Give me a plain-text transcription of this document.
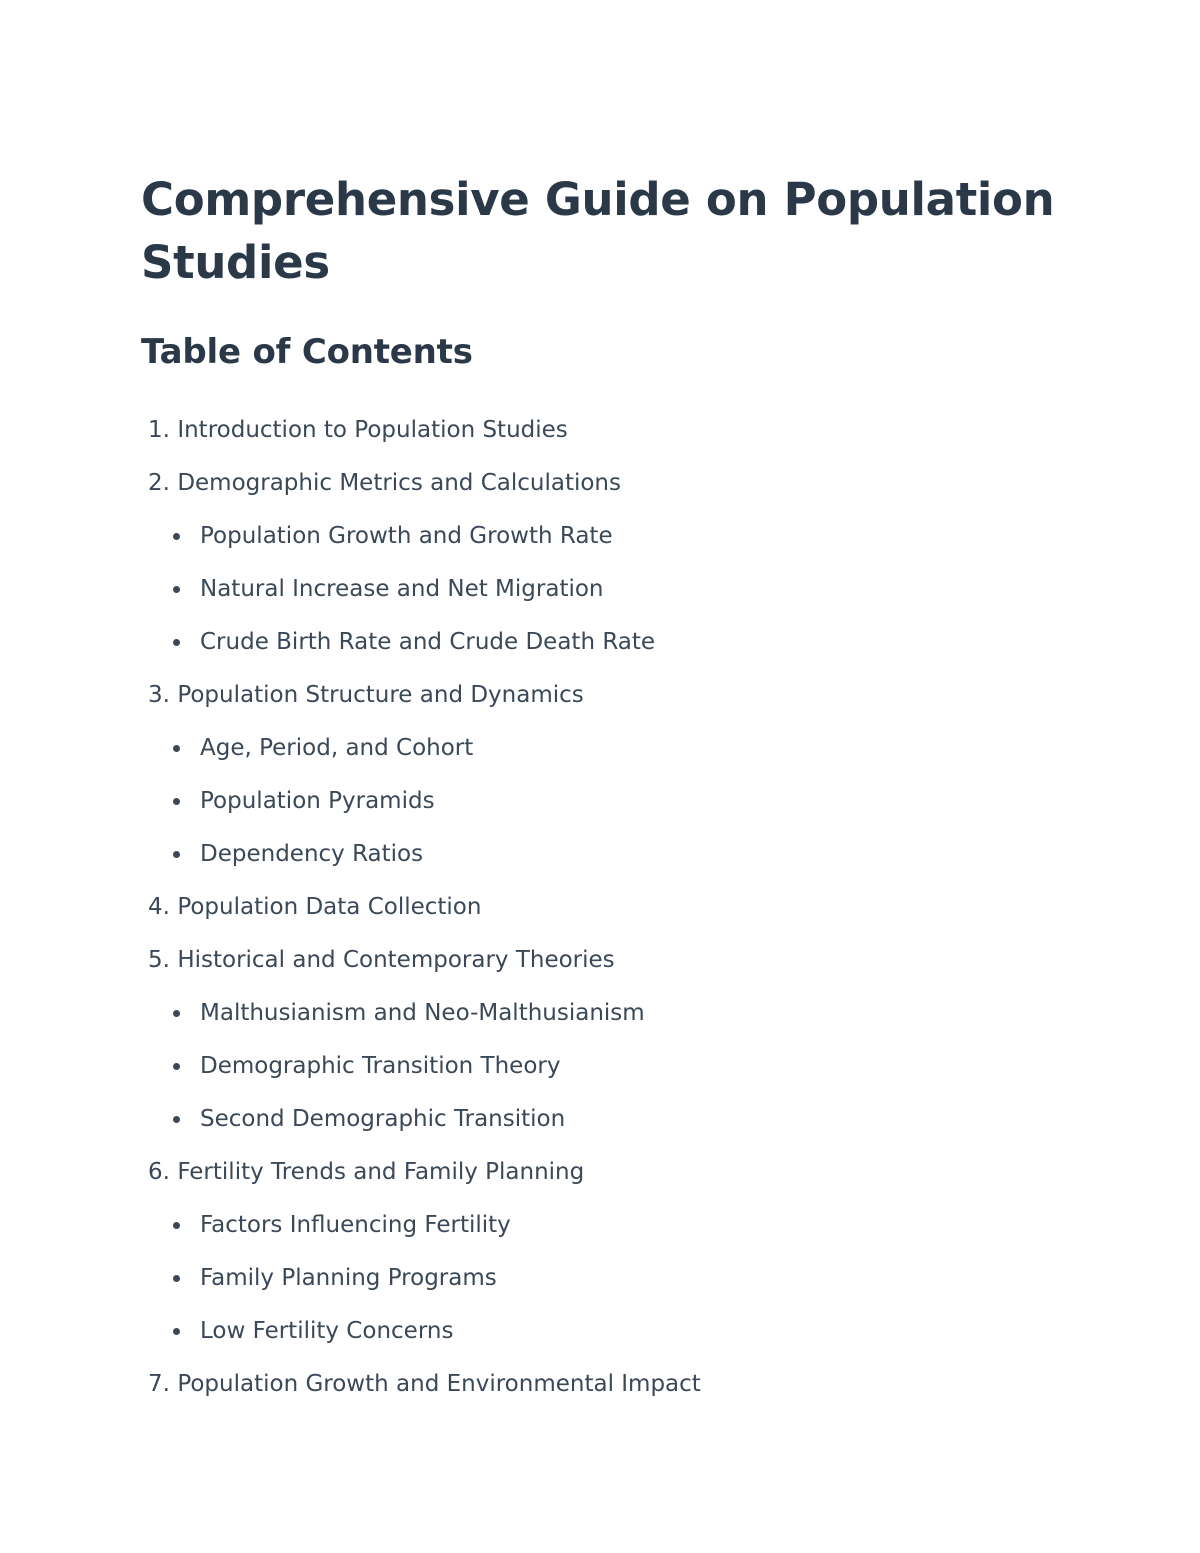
Comprehensive Guide on Population Studies
Table of Contents
1. Introduction to Population Studies
2. Demographic Metrics and Calculations
Population Growth and Growth Rate
Natural Increase and Net Migration
Crude Birth Rate and Crude Death Rate
3. Population Structure and Dynamics
Age, Period, and Cohort
Population Pyramids
Dependency Ratios
4. Population Data Collection
5. Historical and Contemporary Theories
Malthusianism and Neo-Malthusianism
Demographic Transition Theory
Second Demographic Transition
6. Fertility Trends and Family Planning
Factors Influencing Fertility
Family Planning Programs
Low Fertility Concerns
7. Population Growth and Environmental Impact
